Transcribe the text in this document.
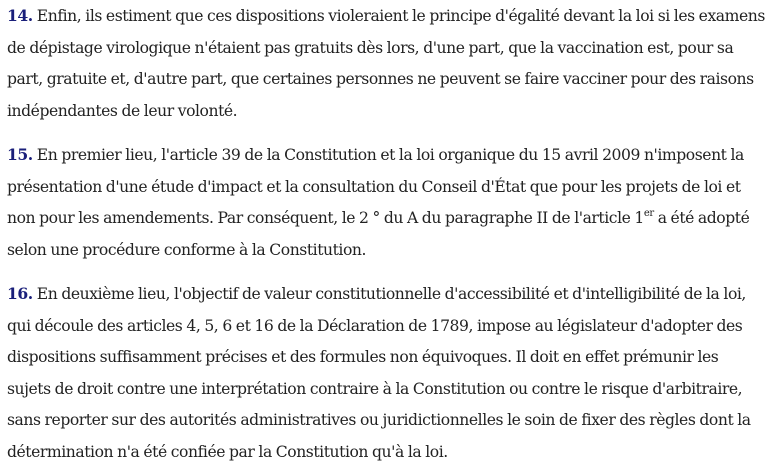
14. Enfin, ils estiment que ces dispositions violeraient le principe d'égalité devant la loi si les examens
de dépistage virologique n'étaient pas gratuits dès lors, d'une part, que la vaccination est, pour sa
part, gratuite et, d'autre part, que certaines personnes ne peuvent se faire vacciner pour des raisons
indépendantes de leur volonté.

15. En premier lieu, l'article 39 de la Constitution et la loi organique du 15 avril 2009 n'imposent la
présentation d'une étude d'impact et la consultation du Conseil d'État que pour les projets de loi et
non pour les amendements. Par conséquent, le 2 ° du A du paragraphe II de l'article 1er a été adopté
selon une procédure conforme à la Constitution.

16. En deuxième lieu, l'objectif de valeur constitutionnelle d'accessibilité et d'intelligibilité de la loi,
qui découle des articles 4, 5, 6 et 16 de la Déclaration de 1789, impose au législateur d'adopter des
dispositions suffisamment précises et des formules non équivoques. Il doit en effet prémunir les
sujets de droit contre une interprétation contraire à la Constitution ou contre le risque d'arbitraire,
sans reporter sur des autorités administratives ou juridictionnelles le soin de fixer des règles dont la
détermination n'a été confiée par la Constitution qu'à la loi.
